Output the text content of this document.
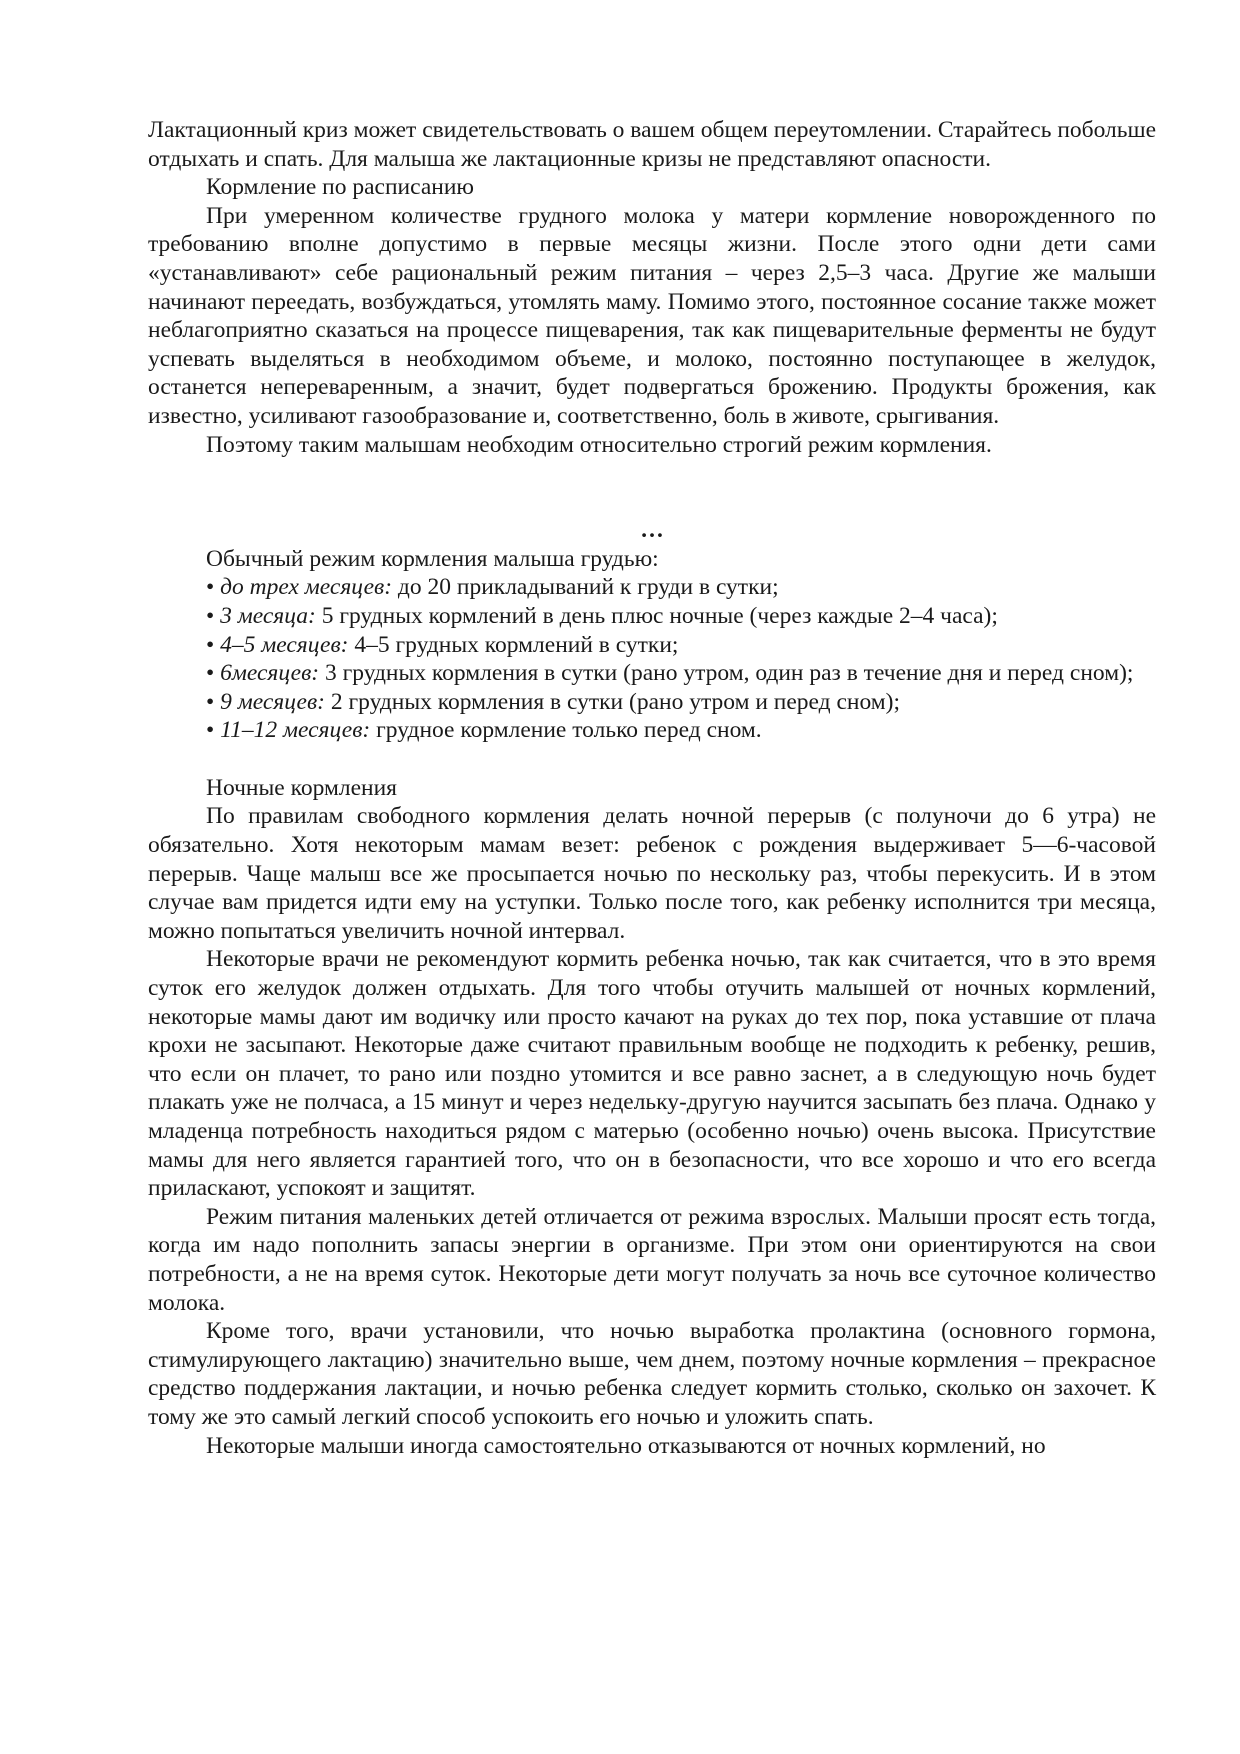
Лактационный криз может свидетельствовать о вашем общем переутомлении. Старайтесь побольше отдыхать и спать. Для малыша же лактационные кризы не представляют опасности.

Кормление по расписанию

При умеренном количестве грудного молока у матери кормление новорожденного по требованию вполне допустимо в первые месяцы жизни. После этого одни дети сами «устанавливают» себе рациональный режим питания – через 2,5–3 часа. Другие же малыши начинают переедать, возбуждаться, утомлять маму. Помимо этого, постоянное сосание также может неблагоприятно сказаться на процессе пищеварения, так как пищеварительные ферменты не будут успевать выделяться в необходимом объеме, и молоко, постоянно поступающее в желудок, останется непереваренным, а значит, будет подвергаться брожению. Продукты брожения, как известно, усиливают газообразование и, соответственно, боль в животе, срыгивания.

Поэтому таким малышам необходим относительно строгий режим кормления.

…

Обычный режим кормления малыша грудью:

• до трех месяцев: до 20 прикладываний к груди в сутки;

• 3 месяца: 5 грудных кормлений в день плюс ночные (через каждые 2–4 часа);

• 4–5 месяцев: 4–5 грудных кормлений в сутки;

• 6месяцев: 3 грудных кормления в сутки (рано утром, один раз в течение дня и перед сном);

• 9 месяцев: 2 грудных кормления в сутки (рано утром и перед сном);

• 11–12 месяцев: грудное кормление только перед сном.

Ночные кормления

По правилам свободного кормления делать ночной перерыв (с полуночи до 6 утра) не обязательно. Хотя некоторым мамам везет: ребенок с рождения выдерживает 5—6-часовой перерыв. Чаще малыш все же просыпается ночью по нескольку раз, чтобы перекусить. И в этом случае вам придется идти ему на уступки. Только после того, как ребенку исполнится три месяца, можно попытаться увеличить ночной интервал.

Некоторые врачи не рекомендуют кормить ребенка ночью, так как считается, что в это время суток его желудок должен отдыхать. Для того чтобы отучить малышей от ночных кормлений, некоторые мамы дают им водичку или просто качают на руках до тех пор, пока уставшие от плача крохи не засыпают. Некоторые даже считают правильным вообще не подходить к ребенку, решив, что если он плачет, то рано или поздно утомится и все равно заснет, а в следующую ночь будет плакать уже не полчаса, а 15 минут и через недельку-другую научится засыпать без плача. Однако у младенца потребность находиться рядом с матерью (особенно ночью) очень высока. Присутствие мамы для него является гарантией того, что он в безопасности, что все хорошо и что его всегда приласкают, успокоят и защитят.

Режим питания маленьких детей отличается от режима взрослых. Малыши просят есть тогда, когда им надо пополнить запасы энергии в организме. При этом они ориентируются на свои потребности, а не на время суток. Некоторые дети могут получать за ночь все суточное количество молока.

Кроме того, врачи установили, что ночью выработка пролактина (основного гормона, стимулирующего лактацию) значительно выше, чем днем, поэтому ночные кормления – прекрасное средство поддержания лактации, и ночью ребенка следует кормить столько, сколько он захочет. К тому же это самый легкий способ успокоить его ночью и уложить спать.

Некоторые малыши иногда самостоятельно отказываются от ночных кормлений, но
